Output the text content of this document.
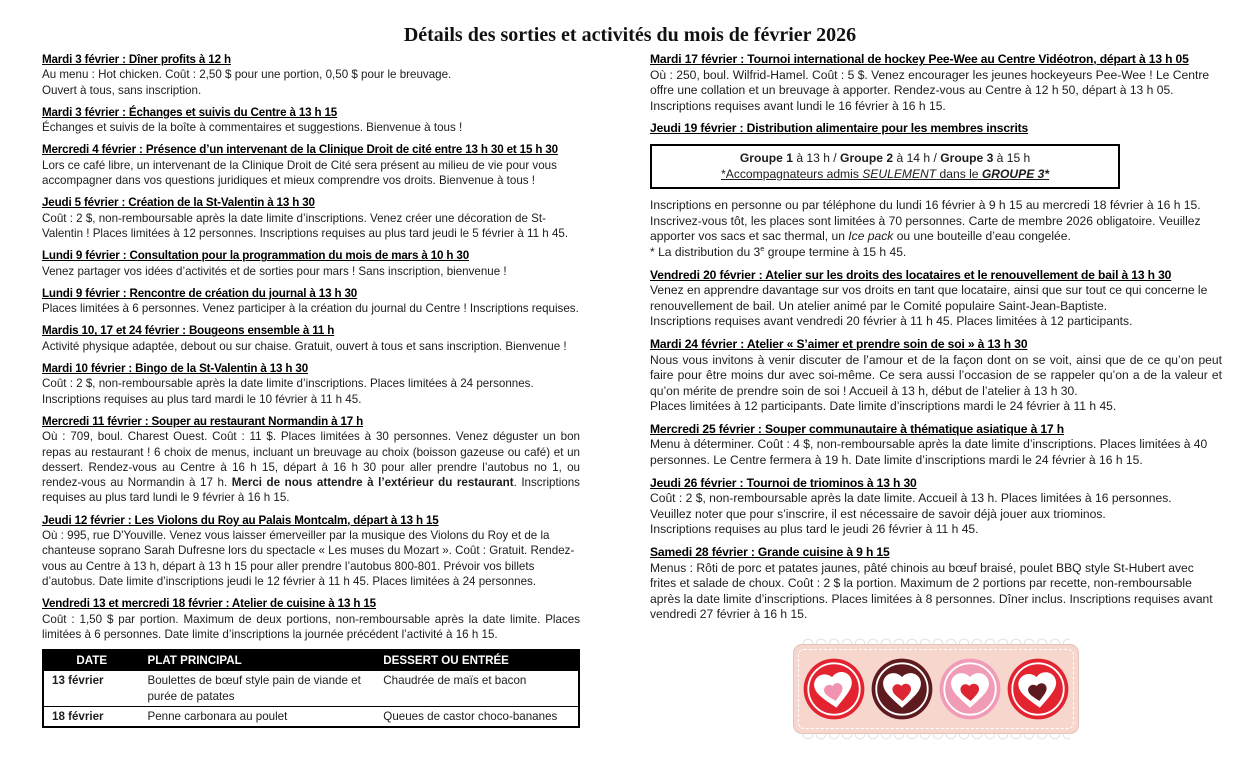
Détails des sorties et activités du mois de février 2026
Mardi 3 février : Dîner profits à 12 h
Au menu : Hot chicken. Coût : 2,50 $ pour une portion, 0,50 $ pour le breuvage.
Ouvert à tous, sans inscription.
Mardi 3 février : Échanges et suivis du Centre à 13 h 15
Échanges et suivis de la boîte à commentaires et suggestions. Bienvenue à tous !
Mercredi 4 février : Présence d’un intervenant de la Clinique Droit de cité entre 13 h 30 et 15 h 30
Lors ce café libre, un intervenant de la Clinique Droit de Cité sera présent au milieu de vie pour vous accompagner dans vos questions juridiques et mieux comprendre vos droits. Bienvenue à tous !
Jeudi 5 février : Création de la St-Valentin à 13 h 30
Coût : 2 $, non-remboursable après la date limite d’inscriptions. Venez créer une décoration de St-Valentin ! Places limitées à 12 personnes. Inscriptions requises au plus tard jeudi le 5 février à 11 h 45.
Lundi 9 février : Consultation pour la programmation du mois de mars à 10 h 30
Venez partager vos idées d’activités et de sorties pour mars ! Sans inscription, bienvenue !
Lundi 9 février : Rencontre de création du journal à 13 h 30
Places limitées à 6 personnes. Venez participer à la création du journal du Centre ! Inscriptions requises.
Mardis 10, 17 et 24 février : Bougeons ensemble à 11 h
Activité physique adaptée, debout ou sur chaise. Gratuit, ouvert à tous et sans inscription. Bienvenue !
Mardi 10 février : Bingo de la St-Valentin à 13 h 30
Coût : 2 $, non-remboursable après la date limite d’inscriptions. Places limitées à 24 personnes.
Inscriptions requises au plus tard mardi le 10 février à 11 h 45.
Mercredi 11 février : Souper au restaurant Normandin à 17 h
Où : 709, boul. Charest Ouest. Coût : 11 $. Places limitées à 30 personnes. Venez déguster un bon repas au restaurant ! 6 choix de menus, incluant un breuvage au choix (boisson gazeuse ou café) et un dessert. Rendez-vous au Centre à 16 h 15, départ à 16 h 30 pour aller prendre l’autobus no 1, ou rendez-vous au Normandin à 17 h. Merci de nous attendre à l’extérieur du restaurant. Inscriptions requises au plus tard lundi le 9 février à 16 h 15.
Jeudi 12 février : Les Violons du Roy au Palais Montcalm, départ à 13 h 15
Où : 995, rue D'Youville. Venez vous laisser émerveiller par la musique des Violons du Roy et de la chanteuse soprano Sarah Dufresne lors du spectacle « Les muses du Mozart ». Coût : Gratuit. Rendez-vous au Centre à 13 h, départ à 13 h 15 pour aller prendre l’autobus 800-801. Prévoir vos billets d’autobus. Date limite d’inscriptions jeudi le 12 février à 11 h 45. Places limitées à 24 personnes.
Vendredi 13 et mercredi 18 février : Atelier de cuisine à 13 h 15
Coût : 1,50 $ par portion. Maximum de deux portions, non-remboursable après la date limite. Places limitées à 6 personnes. Date limite d’inscriptions la journée précédent l’activité à 16 h 15.
DATE	PLAT PRINCIPAL	DESSERT OU ENTRÉE
13 février	Boulettes de bœuf style pain de viande et purée de patates	Chaudrée de maïs et bacon
18 février	Penne carbonara au poulet	Queues de castor choco-bananes
Mardi 17 février : Tournoi international de hockey Pee-Wee au Centre Vidéotron, départ à 13 h 05
Où : 250, boul. Wilfrid-Hamel. Coût : 5 $. Venez encourager les jeunes hockeyeurs Pee-Wee ! Le Centre offre une collation et un breuvage à apporter. Rendez-vous au Centre à 12 h 50, départ à 13 h 05.
Inscriptions requises avant lundi le 16 février à 16 h 15.
Jeudi 19 février : Distribution alimentaire pour les membres inscrits
Groupe 1 à 13 h / Groupe 2 à 14 h / Groupe 3 à 15 h
*Accompagnateurs admis SEULEMENT dans le GROUPE 3*
Inscriptions en personne ou par téléphone du lundi 16 février à 9 h 15 au mercredi 18 février à 16 h 15. Inscrivez-vous tôt, les places sont limitées à 70 personnes. Carte de membre 2026 obligatoire. Veuillez apporter vos sacs et sac thermal, un Ice pack ou une bouteille d’eau congelée.
* La distribution du 3e groupe termine à 15 h 45.
Vendredi 20 février : Atelier sur les droits des locataires et le renouvellement de bail à 13 h 30
Venez en apprendre davantage sur vos droits en tant que locataire, ainsi que sur tout ce qui concerne le renouvellement de bail. Un atelier animé par le Comité populaire Saint-Jean-Baptiste.
Inscriptions requises avant vendredi 20 février à 11 h 45. Places limitées à 12 participants.
Mardi 24 février : Atelier « S’aimer et prendre soin de soi » à 13 h 30
Nous vous invitons à venir discuter de l’amour et de la façon dont on se voit, ainsi que de ce qu’on peut faire pour être moins dur avec soi-même. Ce sera aussi l’occasion de se rappeler qu’on a de la valeur et qu’on mérite de prendre soin de soi ! Accueil à 13 h, début de l’atelier à 13 h 30.
Places limitées à 12 participants. Date limite d’inscriptions mardi le 24 février à 11 h 45.
Mercredi 25 février : Souper communautaire à thématique asiatique à 17 h
Menu à déterminer. Coût : 4 $, non-remboursable après la date limite d’inscriptions. Places limitées à 40 personnes. Le Centre fermera à 19 h. Date limite d’inscriptions mardi le 24 février à 16 h 15.
Jeudi 26 février : Tournoi de triominos à 13 h 30
Coût : 2 $, non-remboursable après la date limite. Accueil à 13 h. Places limitées à 16 personnes.
Veuillez noter que pour s’inscrire, il est nécessaire de savoir déjà jouer aux triominos.
Inscriptions requises au plus tard le jeudi 26 février à 11 h 45.
Samedi 28 février : Grande cuisine à 9 h 15
Menus : Rôti de porc et patates jaunes, pâté chinois au bœuf braisé, poulet BBQ style St-Hubert avec frites et salade de choux. Coût : 2 $ la portion. Maximum de 2 portions par recette, non-remboursable après la date limite d’inscriptions. Places limitées à 8 personnes. Dîner inclus. Inscriptions requises avant vendredi 27 février à 16 h 15.
